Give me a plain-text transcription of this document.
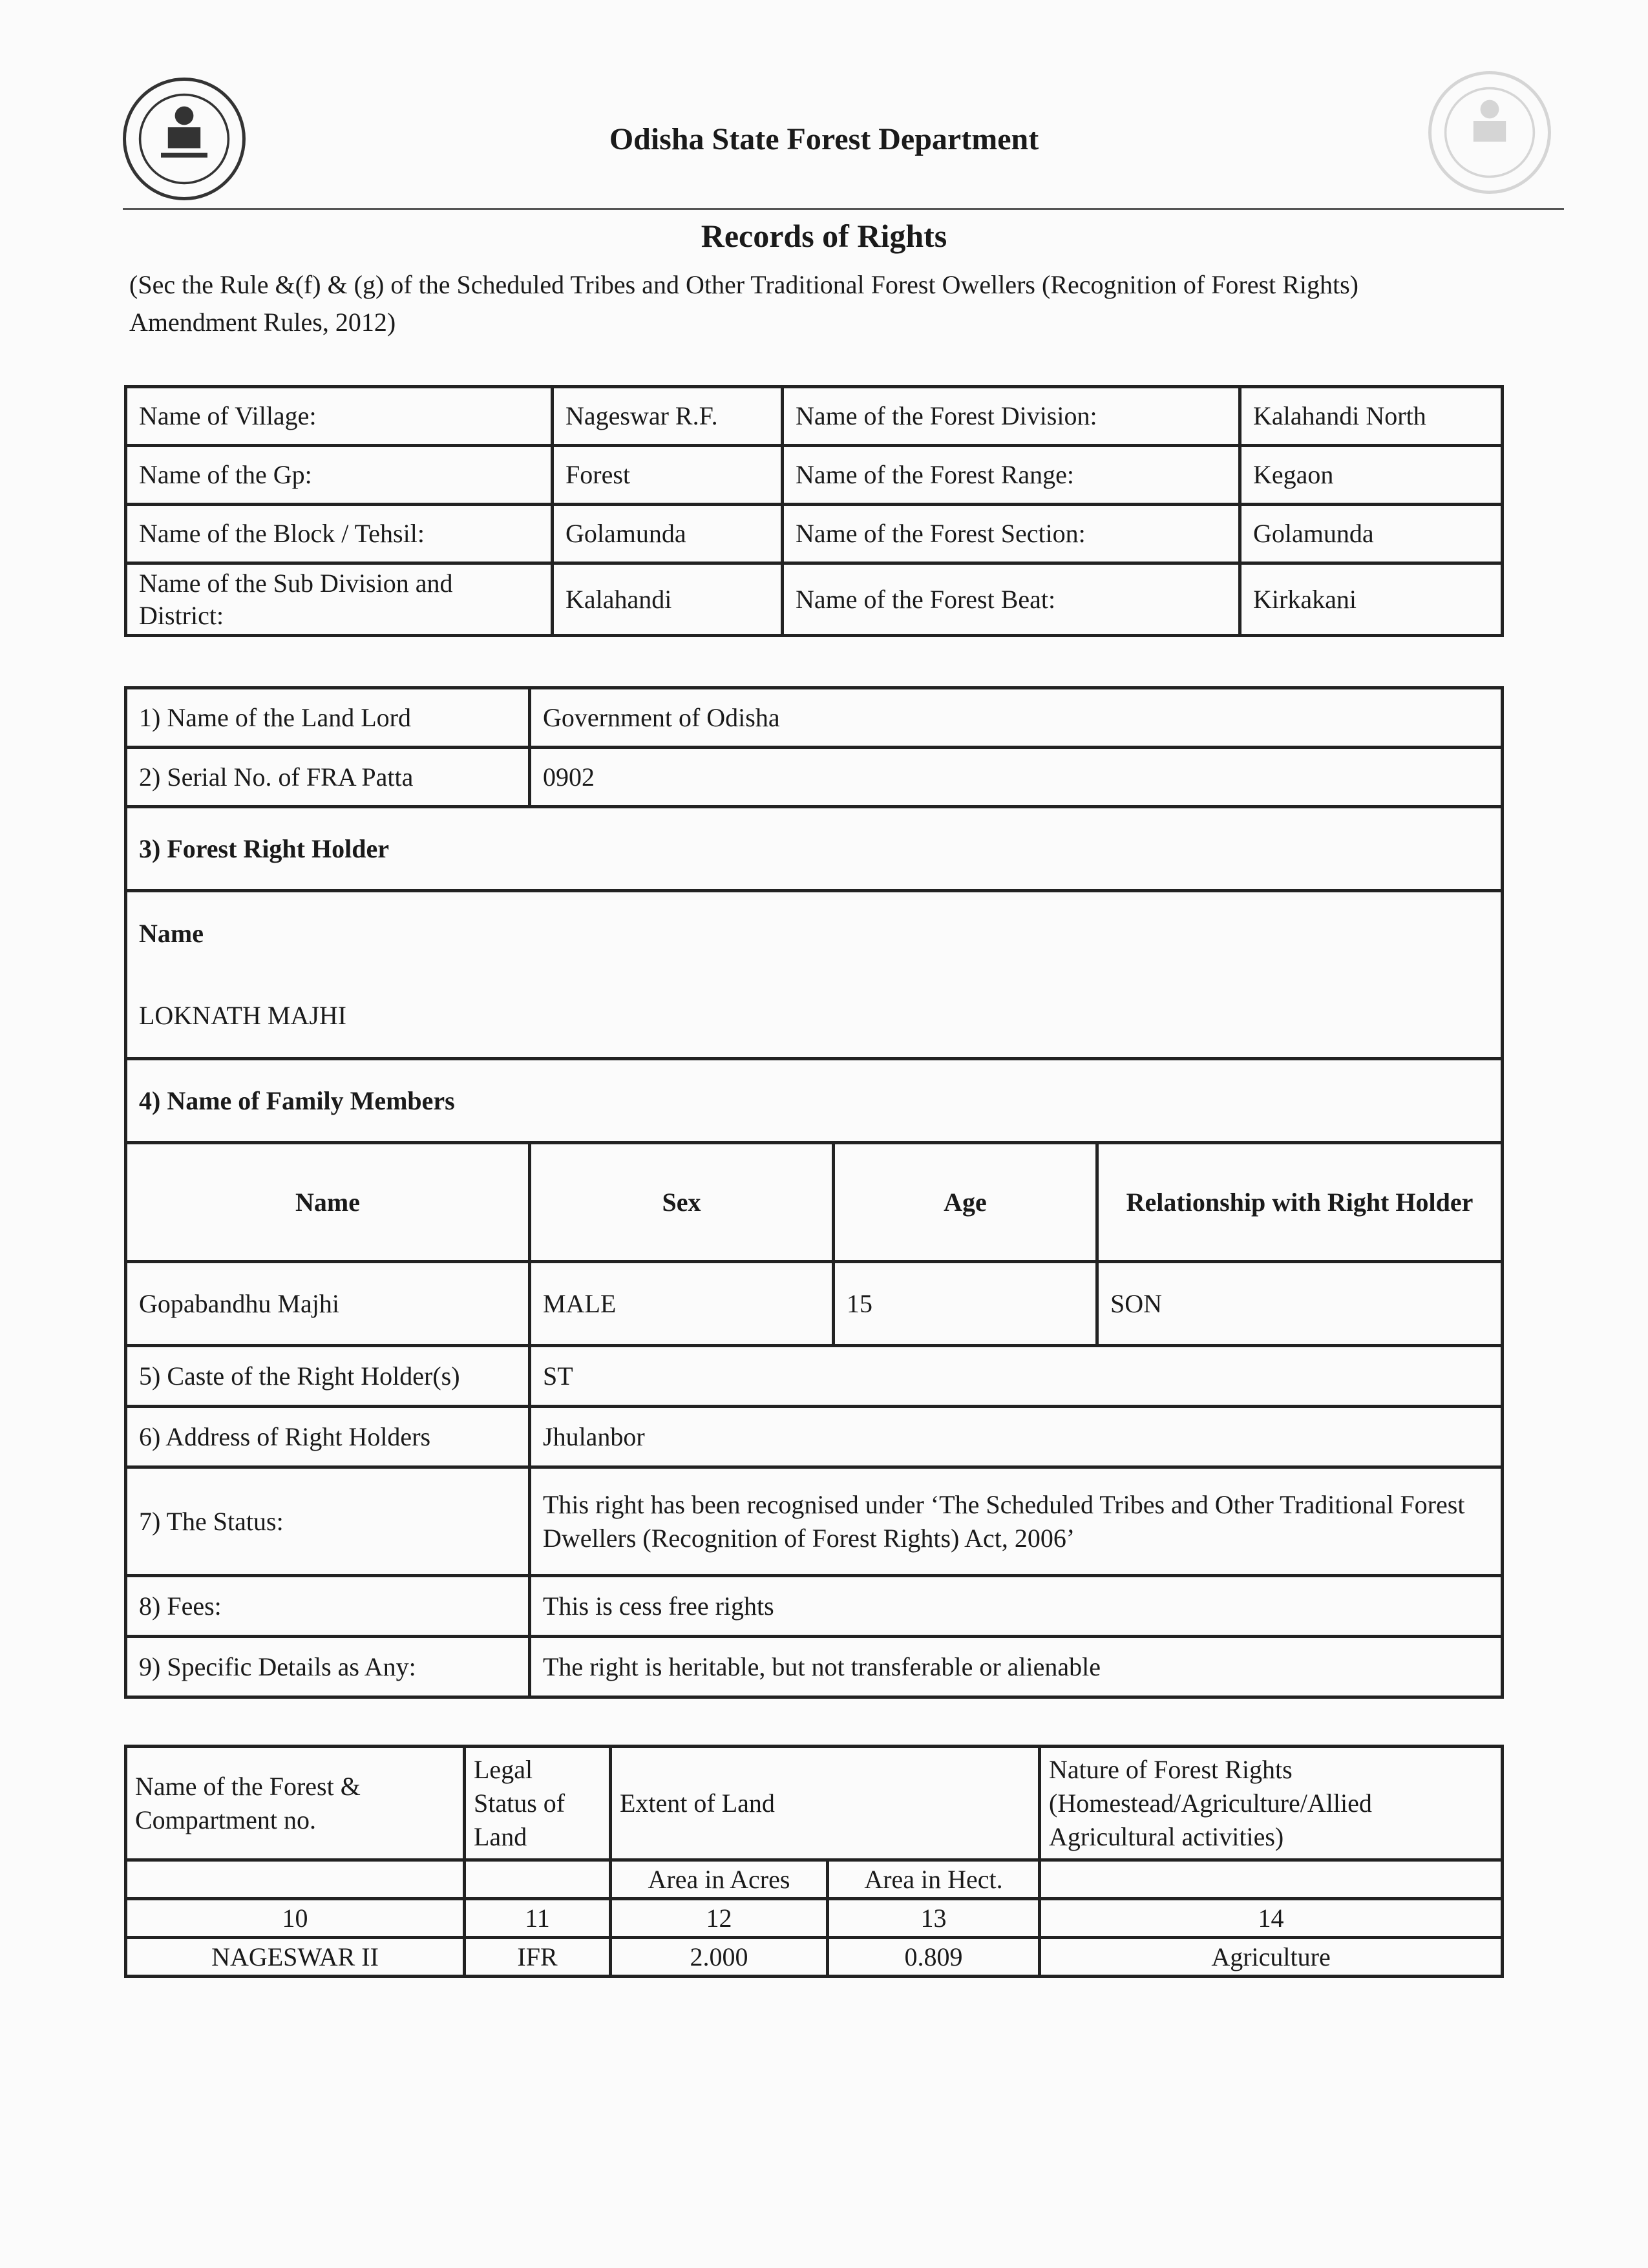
Odisha State Forest Department
Records of Rights
(Sec the Rule &(f) & (g) of the Scheduled Tribes and Other Traditional Forest Owellers (Recognition of Forest Rights) Amendment Rules, 2012)
Name of Village:	Nageswar R.F.	Name of the Forest Division:	Kalahandi North
Name of the Gp:	Forest	Name of the Forest Range:	Kegaon
Name of the Block / Tehsil:	Golamunda	Name of the Forest Section:	Golamunda
Name of the Sub Division and District:	Kalahandi	Name of the Forest Beat:	Kirkakani
1) Name of the Land Lord	Government of Odisha		
2) Serial No. of FRA Patta	0902		
3) Forest Right Holder			
Name			
LOKNATH MAJHI			
4) Name of Family Members			
Name	Sex	Age	Relationship with Right Holder
Gopabandhu Majhi	MALE	15	SON
5) Caste of the Right Holder(s)	ST		
6) Address of Right Holders	Jhulanbor		
7) The Status:	This right has been recognised under ‘The Scheduled Tribes and Other Traditional Forest Dwellers (Recognition of Forest Rights) Act, 2006’		
8) Fees:	This is cess free rights		
9) Specific Details as Any:	The right is heritable, but not transferable or alienable		
Name of the Forest & Compartment no.	Legal Status of Land	Extent of Land		Nature of Forest Rights (Homestead/Agriculture/Allied Agricultural activities)
		Area in Acres	Area in Hect.	
10	11	12	13	14
NAGESWAR II	IFR	2.000	0.809	Agriculture
